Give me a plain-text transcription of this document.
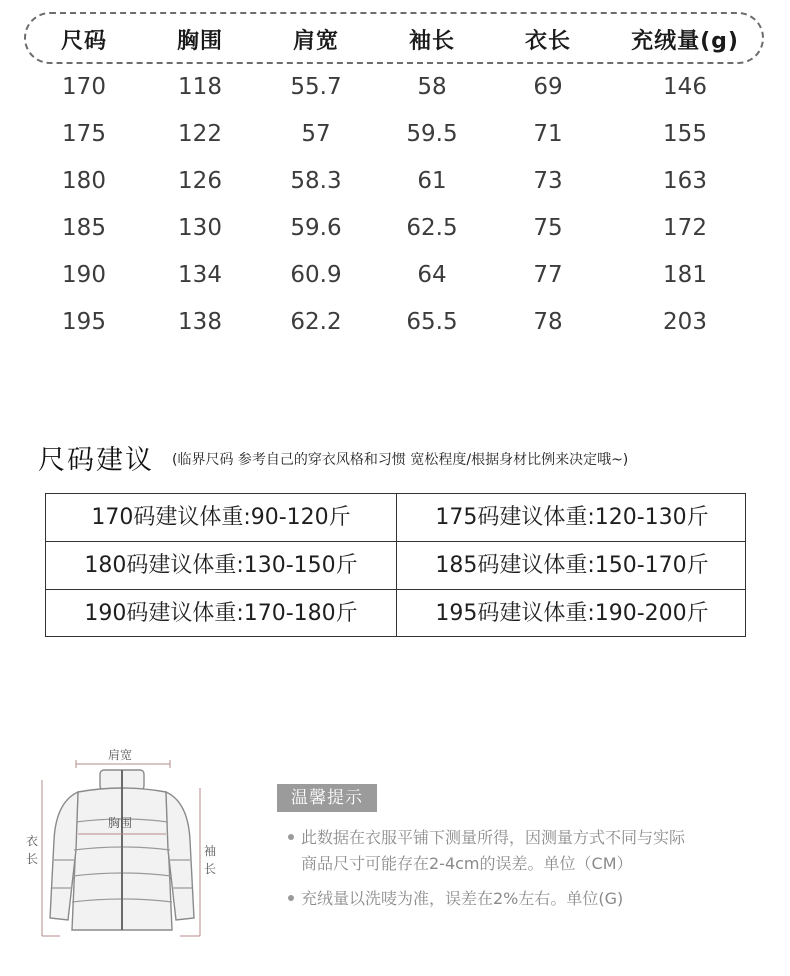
尺码	胸围	肩宽	袖长	衣长	充绒量(g)
170	118	55.7	58	69	146
175	122	57	59.5	71	155
180	126	58.3	61	73	163
185	130	59.6	62.5	75	172
190	134	60.9	64	77	181
195	138	62.2	65.5	78	203
尺码建议 (临界尺码 参考自己的穿衣风格和习惯 宽松程度/根据身材比例来决定哦~)
170码建议体重:90-120斤	175码建议体重:120-130斤
180码建议体重:130-150斤	185码建议体重:150-170斤
190码建议体重:170-180斤	195码建议体重:190-200斤
肩宽
胸围
衣
长
袖
长
温馨提示
此数据在衣服平铺下测量所得，因测量方式不同与实际
商品尺寸可能存在2-4cm的误差。单位（CM）
充绒量以洗唛为准，误差在2%左右。单位(G)
